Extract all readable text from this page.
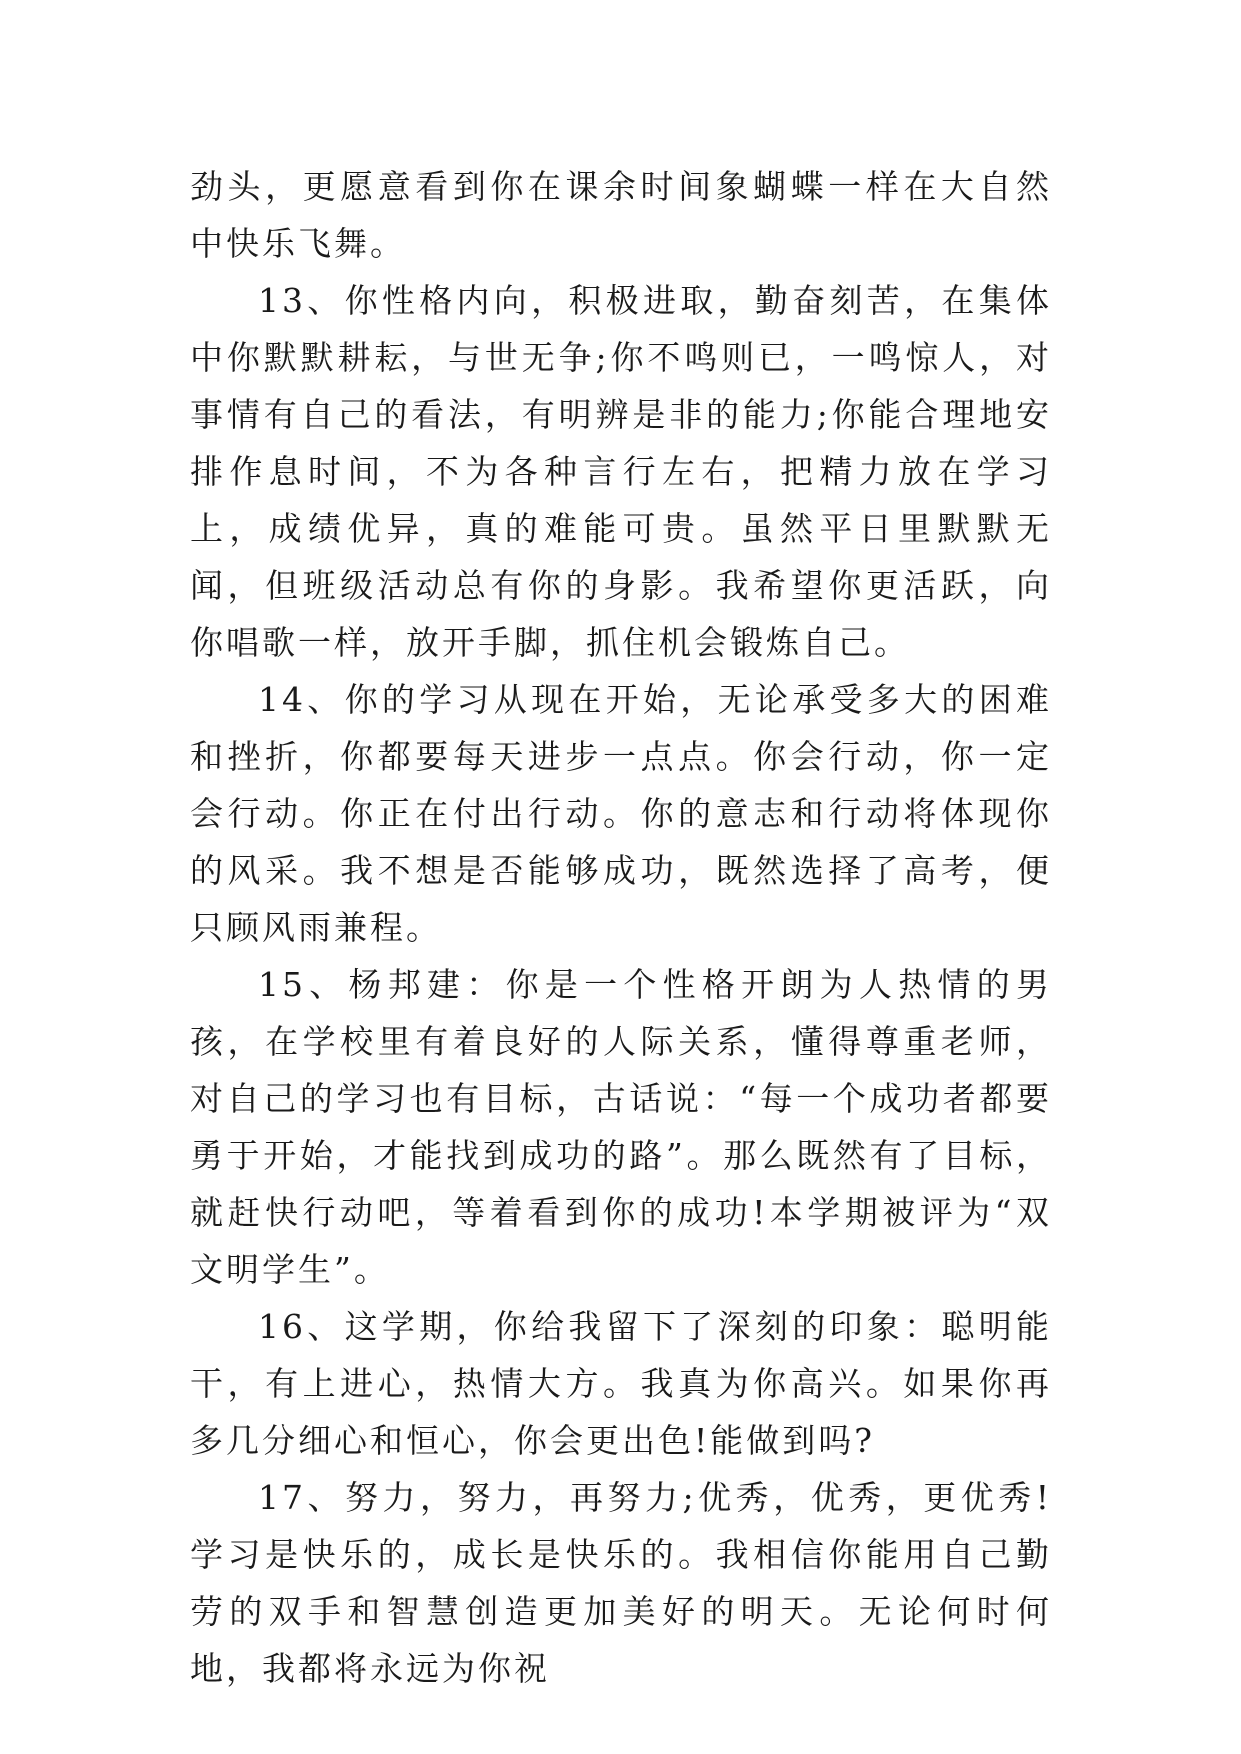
劲头，更愿意看到你在课余时间象蝴蝶一样在大自然中快乐飞舞。

13、你性格内向，积极进取，勤奋刻苦，在集体中你默默耕耘，与世无争;你不鸣则已，一鸣惊人，对事情有自己的看法，有明辨是非的能力;你能合理地安排作息时间，不为各种言行左右，把精力放在学习上，成绩优异，真的难能可贵。虽然平日里默默无闻，但班级活动总有你的身影。我希望你更活跃，向你唱歌一样，放开手脚，抓住机会锻炼自己。

14、你的学习从现在开始，无论承受多大的困难和挫折，你都要每天进步一点点。你会行动，你一定会行动。你正在付出行动。你的意志和行动将体现你的风采。我不想是否能够成功，既然选择了高考，便只顾风雨兼程。

15、杨邦建：你是一个性格开朗为人热情的男孩，在学校里有着良好的人际关系，懂得尊重老师，对自己的学习也有目标，古话说：“每一个成功者都要勇于开始，才能找到成功的路”。那么既然有了目标，就赶快行动吧，等着看到你的成功!本学期被评为“双文明学生”。

16、这学期，你给我留下了深刻的印象：聪明能干，有上进心，热情大方。我真为你高兴。如果你再多几分细心和恒心，你会更出色!能做到吗?

17、努力，努力，再努力;优秀，优秀，更优秀!学习是快乐的，成长是快乐的。我相信你能用自己勤劳的双手和智慧创造更加美好的明天。无论何时何地，我都将永远为你祝
